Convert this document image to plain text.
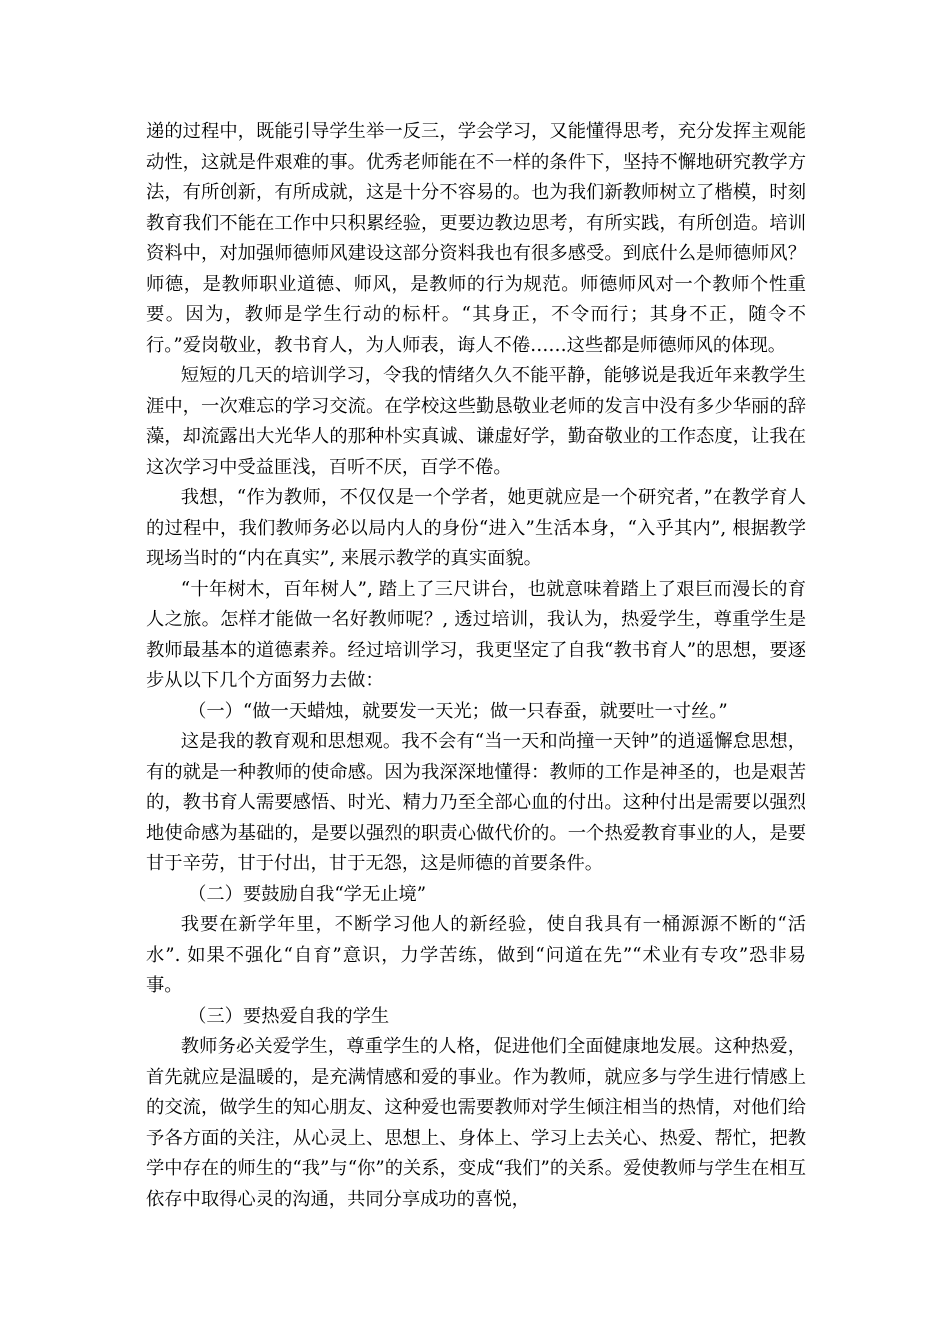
递的过程中，既能引导学生举一反三，学会学习，又能懂得思考，充分发挥主观能动性，这就是件艰难的事。优秀老师能在不一样的条件下，坚持不懈地研究教学方法，有所创新，有所成就，这是十分不容易的。也为我们新教师树立了楷模，时刻教育我们不能在工作中只积累经验，更要边教边思考，有所实践，有所创造。培训资料中，对加强师德师风建设这部分资料我也有很多感受。到底什么是师德师风？师德，是教师职业道德、师风，是教师的行为规范。师德师风对一个教师个性重要。因为，教师是学生行动的标杆。“其身正，不令而行；其身不正，随令不行。”爱岗敬业，教书育人，为人师表，诲人不倦……这些都是师德师风的体现。

短短的几天的培训学习，令我的情绪久久不能平静，能够说是我近年来教学生涯中，一次难忘的学习交流。在学校这些勤恳敬业老师的发言中没有多少华丽的辞藻，却流露出大光华人的那种朴实真诚、谦虚好学，勤奋敬业的工作态度，让我在这次学习中受益匪浅，百听不厌，百学不倦。

我想，“作为教师，不仅仅是一个学者，她更就应是一个研究者，”在教学育人的过程中，我们教师务必以局内人的身份“进入”生活本身，“入乎其内”, 根据教学现场当时的“内在真实”, 来展示教学的真实面貌。

“十年树木，百年树人”, 踏上了三尺讲台，也就意味着踏上了艰巨而漫长的育人之旅。怎样才能做一名好教师呢？, 透过培训，我认为，热爱学生，尊重学生是教师最基本的道德素养。经过培训学习，我更坚定了自我“教书育人”的思想，要逐步从以下几个方面努力去做：

（一）“做一天蜡烛，就要发一天光；做一只春蚕，就要吐一寸丝。”

这是我的教育观和思想观。我不会有“当一天和尚撞一天钟”的逍遥懈怠思想，有的就是一种教师的使命感。因为我深深地懂得：教师的工作是神圣的，也是艰苦的，教书育人需要感悟、时光、精力乃至全部心血的付出。这种付出是需要以强烈地使命感为基础的，是要以强烈的职责心做代价的。一个热爱教育事业的人，是要甘于辛劳，甘于付出，甘于无怨，这是师德的首要条件。

（二）要鼓励自我“学无止境”

我要在新学年里，不断学习他人的新经验，使自我具有一桶源源不断的“活水”. 如果不强化“自育”意识，力学苦练，做到“问道在先”“术业有专攻”恐非易事。

（三）要热爱自我的学生

教师务必关爱学生，尊重学生的人格，促进他们全面健康地发展。这种热爱，首先就应是温暖的，是充满情感和爱的事业。作为教师，就应多与学生进行情感上的交流，做学生的知心朋友、这种爱也需要教师对学生倾注相当的热情，对他们给予各方面的关注，从心灵上、思想上、身体上、学习上去关心、热爱、帮忙，把教学中存在的师生的“我”与“你”的关系，变成“我们”的关系。爱使教师与学生在相互依存中取得心灵的沟通，共同分享成功的喜悦，
